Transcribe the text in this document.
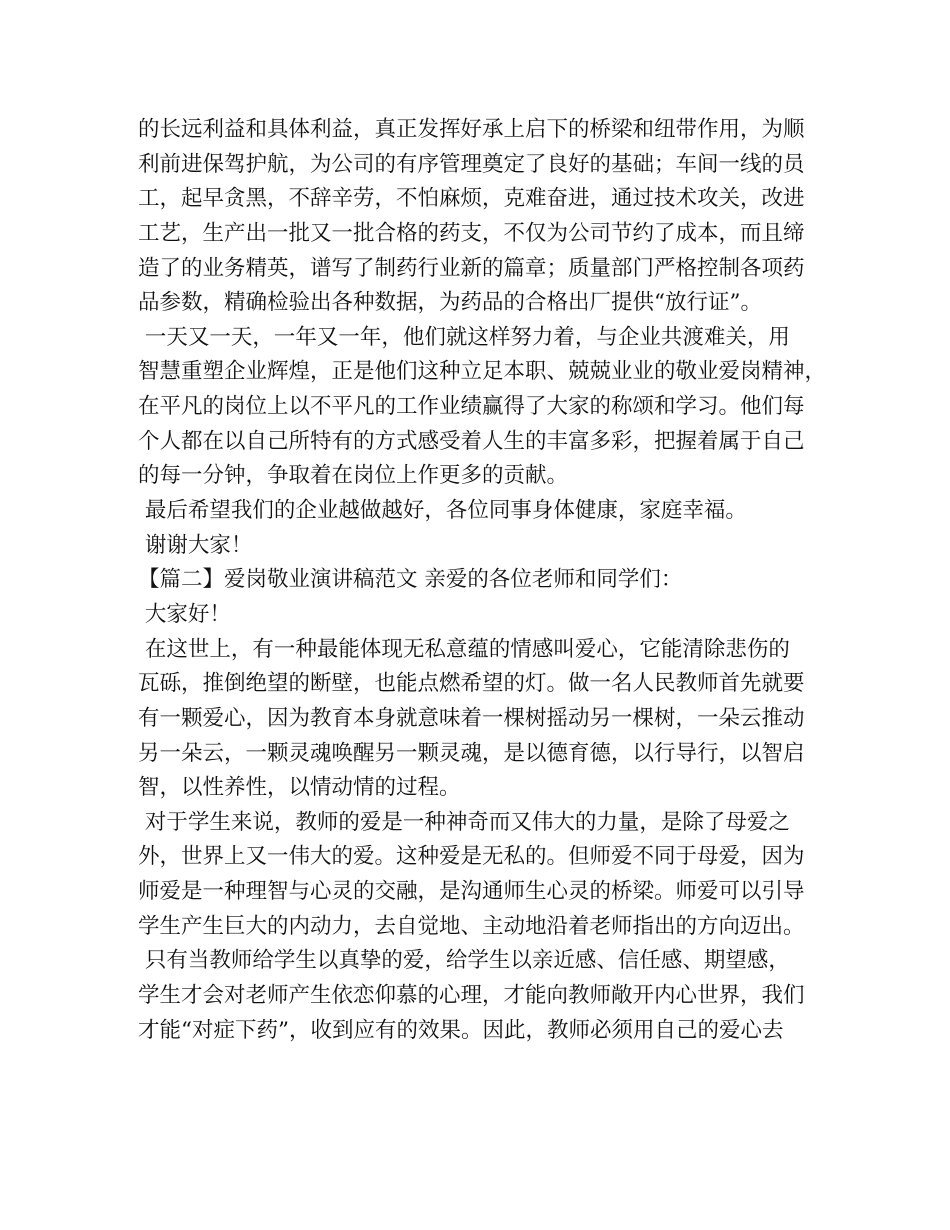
的长远利益和具体利益，真正发挥好承上启下的桥梁和纽带作用，为顺
利前进保驾护航，为公司的有序管理奠定了良好的基础；车间一线的员
工，起早贪黑，不辞辛劳，不怕麻烦，克难奋进，通过技术攻关，改进
工艺，生产出一批又一批合格的药支，不仅为公司节约了成本，而且缔
造了的业务精英，谱写了制药行业新的篇章；质量部门严格控制各项药
品参数，精确检验出各种数据，为药品的合格出厂提供“放行证”。
一天又一天，一年又一年，他们就这样努力着，与企业共渡难关，用
智慧重塑企业辉煌，正是他们这种立足本职、兢兢业业的敬业爱岗精神，
在平凡的岗位上以不平凡的工作业绩赢得了大家的称颂和学习。他们每
个人都在以自己所特有的方式感受着人生的丰富多彩，把握着属于自己
的每一分钟，争取着在岗位上作更多的贡献。
最后希望我们的企业越做越好，各位同事身体健康，家庭幸福。
谢谢大家！
【篇二】爱岗敬业演讲稿范文 亲爱的各位老师和同学们：
大家好！
在这世上，有一种最能体现无私意蕴的情感叫爱心，它能清除悲伤的
瓦砾，推倒绝望的断壁，也能点燃希望的灯。做一名人民教师首先就要
有一颗爱心，因为教育本身就意味着一棵树摇动另一棵树，一朵云推动
另一朵云，一颗灵魂唤醒另一颗灵魂，是以德育德，以行导行，以智启
智，以性养性，以情动情的过程。
对于学生来说，教师的爱是一种神奇而又伟大的力量，是除了母爱之
外，世界上又一伟大的爱。这种爱是无私的。但师爱不同于母爱，因为
师爱是一种理智与心灵的交融，是沟通师生心灵的桥梁。师爱可以引导
学生产生巨大的内动力，去自觉地、主动地沿着老师指出的方向迈出。
只有当教师给学生以真挚的爱，给学生以亲近感、信任感、期望感，
学生才会对老师产生依恋仰慕的心理，才能向教师敞开内心世界，我们
才能“对症下药”，收到应有的效果。因此，教师必须用自己的爱心去
